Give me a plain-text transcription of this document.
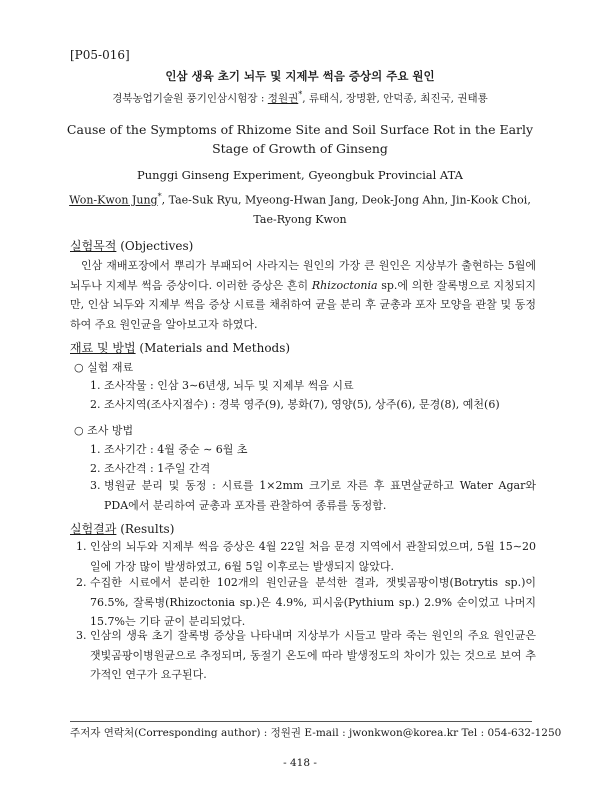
[P05-016]
인삼 생육 초기 뇌두 및 지제부 썩음 증상의 주요 원인
경북농업기술원 풍기인삼시험장 : 정원권*, 류태식, 장명환, 안덕종, 최진국, 권태룡
Cause of the Symptoms of Rhizome Site and Soil Surface Rot in the Early
Stage of Growth of Ginseng
Punggi Ginseng Experiment, Gyeongbuk Provincial ATA
Won-Kwon Jung*, Tae-Suk Ryu, Myeong-Hwan Jang, Deok-Jong Ahn, Jin-Kook Choi,
Tae-Ryong Kwon
실험목적 (Objectives)
인삼 재배포장에서 뿌리가 부패되어 사라지는 원인의 가장 큰 원인은 지상부가 출현하는 5월에 뇌두나 지제부 썩음 증상이다. 이러한 증상은 흔히 Rhizoctonia sp.에 의한 잘록병으로 지칭되지만, 인삼 뇌두와 지제부 썩음 증상 시료를 채취하여 균을 분리 후 균총과 포자 모양을 관찰 및 동정하여 주요 원인균을 알아보고자 하였다.
재료 및 방법 (Materials and Methods)
○ 실험 재료
1. 조사작물 : 인삼 3∼6년생, 뇌두 및 지제부 썩음 시료
2. 조사지역(조사지점수) : 경북 영주(9), 봉화(7), 영양(5), 상주(6), 문경(8), 예천(6)
○ 조사 방법
1. 조사기간 : 4월 중순 ∼ 6월 초
2. 조사간격 : 1주일 간격
3. 병원균 분리 및 동정 : 시료를 1×2mm 크기로 자른 후 표면살균하고 Water Agar와 PDA에서 분리하여 균총과 포자를 관찰하여 종류를 동정함.
실험결과 (Results)
1. 인삼의 뇌두와 지제부 썩음 증상은 4월 22일 처음 문경 지역에서 관찰되었으며, 5월 15∼20일에 가장 많이 발생하였고, 6월 5일 이후로는 발생되지 않았다.
2. 수집한 시료에서 분리한 102개의 원인균을 분석한 결과, 잿빛곰팡이병(Botrytis sp.)이 76.5%, 잘록병(Rhizoctonia sp.)은 4.9%, 피시움(Pythium sp.) 2.9% 순이었고 나머지 15.7%는 기타 균이 분리되었다.
3. 인삼의 생육 초기 잘록병 증상을 나타내며 지상부가 시들고 말라 죽는 원인의 주요 원인균은 잿빛곰팡이병원균으로 추정되며, 동절기 온도에 따라 발생정도의 차이가 있는 것으로 보여 추가적인 연구가 요구된다.
주저자 연락처(Corresponding author) : 정원권 E-mail : jwonkwon@korea.kr Tel : 054-632-1250
- 418 -
